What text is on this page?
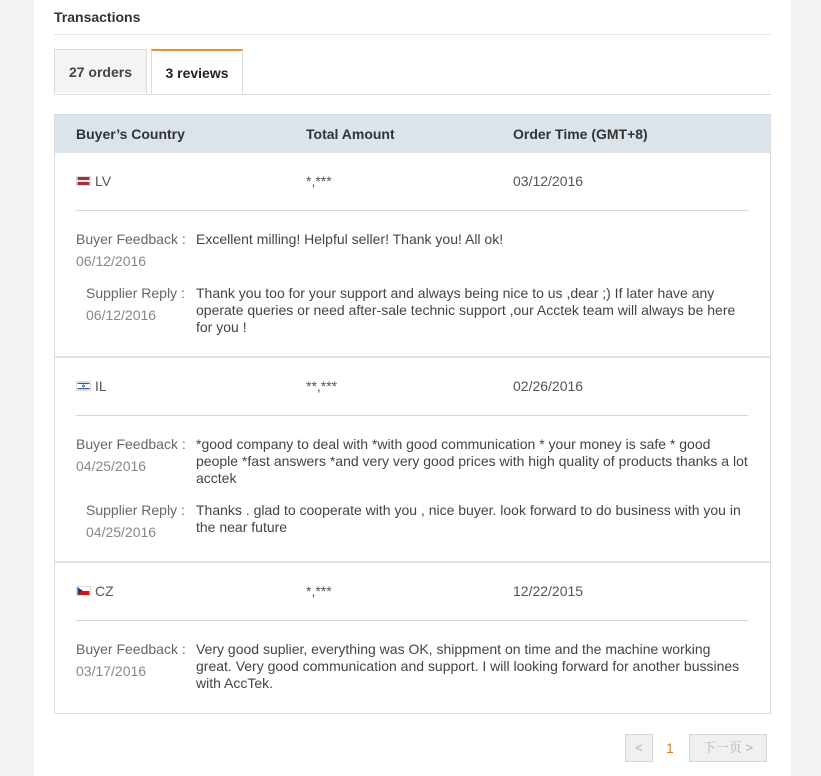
Transactions
27 orders	3 reviews
Buyer’s Country	Total Amount	Order Time (GMT+8)
LV	*,***	03/12/2016
Buyer Feedback :
06/12/2016
Excellent milling! Helpful seller! Thank you! All ok!
Supplier Reply :
06/12/2016
Thank you too for your support and always being nice to us ,dear ;) If later have any operate queries or need after-sale technic support ,our Acctek team will always be here for you !
IL	**,***	02/26/2016
Buyer Feedback :
04/25/2016
*good company to deal with *with good communication * your money is safe * good people *fast answers *and very very good prices with high quality of products thanks a lot acctek
Supplier Reply :
04/25/2016
Thanks . glad to cooperate with you , nice buyer. look forward to do business with you in the near future
CZ	*,***	12/22/2015
Buyer Feedback :
03/17/2016
Very good suplier, everything was OK, shippment on time and the machine working great. Very good communication and support. I will looking forward for another bussines with AccTek.
<	1	下一页 >
